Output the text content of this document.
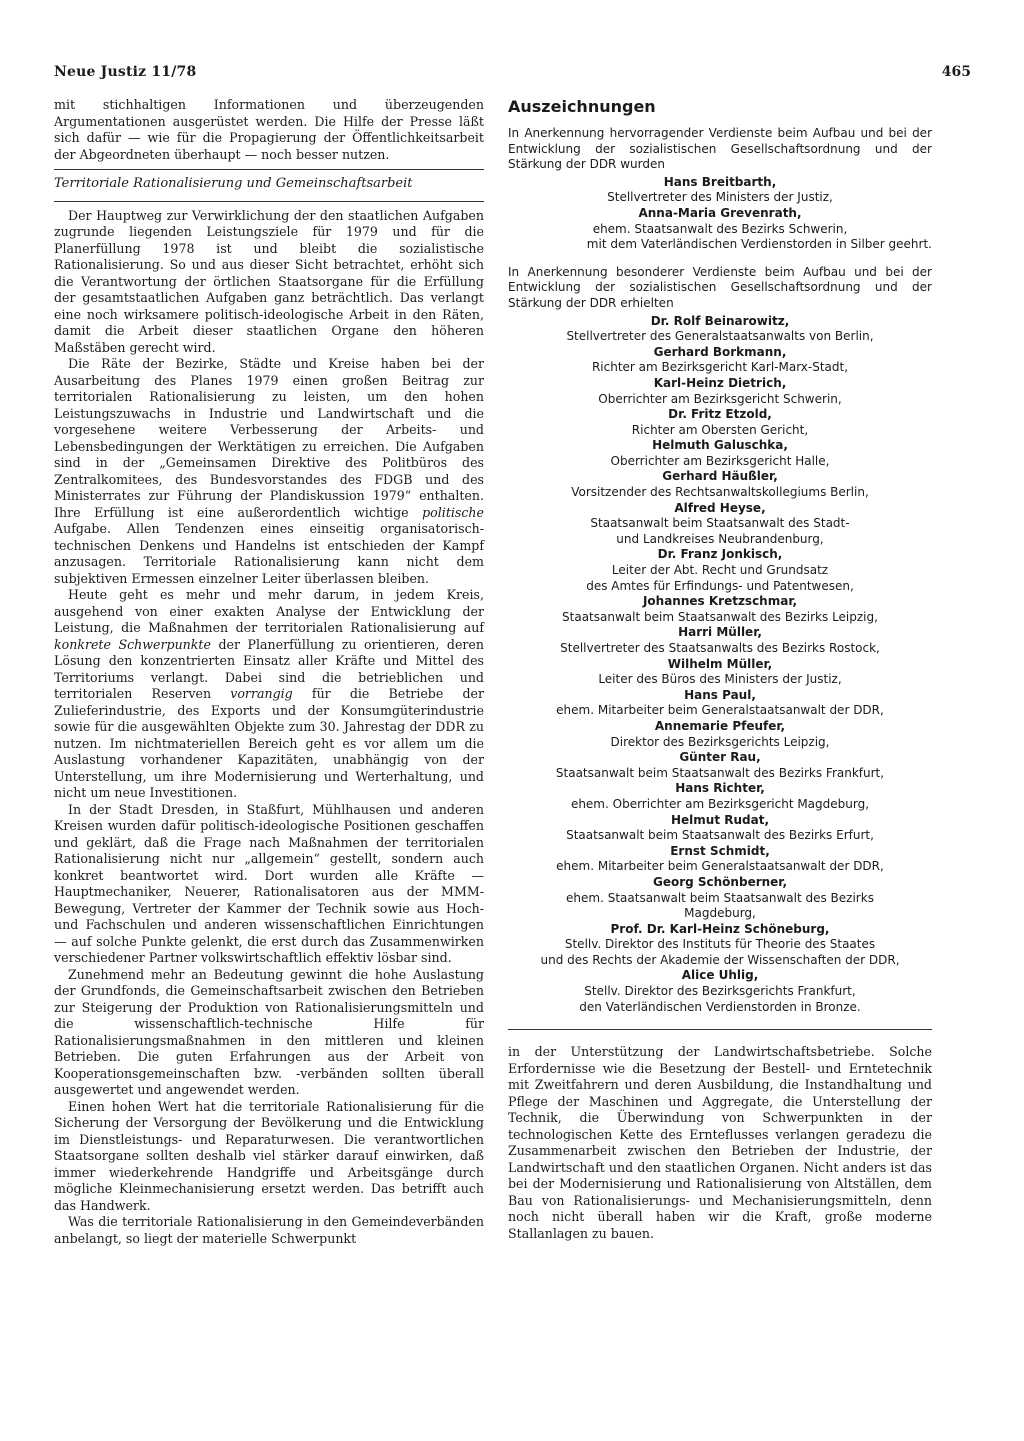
Neue Justiz 11/78	465

mit stichhaltigen Informationen und überzeugenden Argumentationen ausgerüstet werden. Die Hilfe der Presse läßt sich dafür — wie für die Propagierung der Öffentlichkeitsarbeit der Abgeordneten überhaupt — noch besser nutzen.

Territoriale Rationalisierung und Gemeinschaftsarbeit

Der Hauptweg zur Verwirklichung der den staatlichen Aufgaben zugrunde liegenden Leistungsziele für 1979 und für die Planerfüllung 1978 ist und bleibt die sozialistische Rationalisierung. So und aus dieser Sicht betrachtet, erhöht sich die Verantwortung der örtlichen Staatsorgane für die Erfüllung der gesamtstaatlichen Aufgaben ganz beträchtlich. Das verlangt eine noch wirksamere politisch-ideologische Arbeit in den Räten, damit die Arbeit dieser staatlichen Organe den höheren Maßstäben gerecht wird.

Die Räte der Bezirke, Städte und Kreise haben bei der Ausarbeitung des Planes 1979 einen großen Beitrag zur territorialen Rationalisierung zu leisten, um den hohen Leistungszuwachs in Industrie und Landwirtschaft und die vorgesehene weitere Verbesserung der Arbeits- und Lebensbedingungen der Werktätigen zu erreichen. Die Aufgaben sind in der „Gemeinsamen Direktive des Politbüros des Zentralkomitees, des Bundesvorstandes des FDGB und des Ministerrates zur Führung der Plandiskussion 1979“ enthalten. Ihre Erfüllung ist eine außerordentlich wichtige politische Aufgabe. Allen Tendenzen eines einseitig organisatorisch-technischen Denkens und Handelns ist entschieden der Kampf anzusagen. Territoriale Rationalisierung kann nicht dem subjektiven Ermessen einzelner Leiter überlassen bleiben.

Heute geht es mehr und mehr darum, in jedem Kreis, ausgehend von einer exakten Analyse der Entwicklung der Leistung, die Maßnahmen der territorialen Rationalisierung auf konkrete Schwerpunkte der Planerfüllung zu orientieren, deren Lösung den konzentrierten Einsatz aller Kräfte und Mittel des Territoriums verlangt. Dabei sind die betrieblichen und territorialen Reserven vorrangig für die Betriebe der Zulieferindustrie, des Exports und der Konsumgüterindustrie sowie für die ausgewählten Objekte zum 30. Jahrestag der DDR zu nutzen. Im nichtmateriellen Bereich geht es vor allem um die Auslastung vorhandener Kapazitäten, unabhängig von der Unterstellung, um ihre Modernisierung und Werterhaltung, und nicht um neue Investitionen.

In der Stadt Dresden, in Staßfurt, Mühlhausen und anderen Kreisen wurden dafür politisch-ideologische Positionen geschaffen und geklärt, daß die Frage nach Maßnahmen der territorialen Rationalisierung nicht nur „allgemein“ gestellt, sondern auch konkret beantwortet wird. Dort wurden alle Kräfte — Hauptmechaniker, Neuerer, Rationalisatoren aus der MMM-Bewegung, Vertreter der Kammer der Technik sowie aus Hoch- und Fachschulen und anderen wissenschaftlichen Einrichtungen — auf solche Punkte gelenkt, die erst durch das Zusammenwirken verschiedener Partner volkswirtschaftlich effektiv lösbar sind.

Zunehmend mehr an Bedeutung gewinnt die hohe Auslastung der Grundfonds, die Gemeinschaftsarbeit zwischen den Betrieben zur Steigerung der Produktion von Rationalisierungsmitteln und die wissenschaftlich-technische Hilfe für Rationalisierungsmaßnahmen in den mittleren und kleinen Betrieben. Die guten Erfahrungen aus der Arbeit von Kooperationsgemeinschaften bzw. -verbänden sollten überall ausgewertet und angewendet werden.

Einen hohen Wert hat die territoriale Rationalisierung für die Sicherung der Versorgung der Bevölkerung und die Entwicklung im Dienstleistungs- und Reparaturwesen. Die verantwortlichen Staatsorgane sollten deshalb viel stärker darauf einwirken, daß immer wiederkehrende Handgriffe und Arbeitsgänge durch mögliche Kleinmechanisierung ersetzt werden. Das betrifft auch das Handwerk.

Was die territoriale Rationalisierung in den Gemeindeverbänden anbelangt, so liegt der materielle Schwerpunkt

Auszeichnungen

In Anerkennung hervorragender Verdienste beim Aufbau und bei der Entwicklung der sozialistischen Gesellschaftsordnung und der Stärkung der DDR wurden

Hans Breitbarth,
Stellvertreter des Ministers der Justiz,
Anna-Maria Grevenrath,
ehem. Staatsanwalt des Bezirks Schwerin,

mit dem Vaterländischen Verdienstorden in Silber geehrt.

In Anerkennung besonderer Verdienste beim Aufbau und bei der Entwicklung der sozialistischen Gesellschaftsordnung und der Stärkung der DDR erhielten

Dr. Rolf Beinarowitz,
Stellvertreter des Generalstaatsanwalts von Berlin,
Gerhard Borkmann,
Richter am Bezirksgericht Karl-Marx-Stadt,
Karl-Heinz Dietrich,
Oberrichter am Bezirksgericht Schwerin,
Dr. Fritz Etzold,
Richter am Obersten Gericht,
Helmuth Galuschka,
Oberrichter am Bezirksgericht Halle,
Gerhard Häußler,
Vorsitzender des Rechtsanwaltskollegiums Berlin,
Alfred Heyse,
Staatsanwalt beim Staatsanwalt des Stadt-
und Landkreises Neubrandenburg,
Dr. Franz Jonkisch,
Leiter der Abt. Recht und Grundsatz
des Amtes für Erfindungs- und Patentwesen,
Johannes Kretzschmar,
Staatsanwalt beim Staatsanwalt des Bezirks Leipzig,
Harri Müller,
Stellvertreter des Staatsanwalts des Bezirks Rostock,
Wilhelm Müller,
Leiter des Büros des Ministers der Justiz,
Hans Paul,
ehem. Mitarbeiter beim Generalstaatsanwalt der DDR,
Annemarie Pfeufer,
Direktor des Bezirksgerichts Leipzig,
Günter Rau,
Staatsanwalt beim Staatsanwalt des Bezirks Frankfurt,
Hans Richter,
ehem. Oberrichter am Bezirksgericht Magdeburg,
Helmut Rudat,
Staatsanwalt beim Staatsanwalt des Bezirks Erfurt,
Ernst Schmidt,
ehem. Mitarbeiter beim Generalstaatsanwalt der DDR,
Georg Schönberner,
ehem. Staatsanwalt beim Staatsanwalt des Bezirks
Magdeburg,
Prof. Dr. Karl-Heinz Schöneburg,
Stellv. Direktor des Instituts für Theorie des Staates
und des Rechts der Akademie der Wissenschaften der DDR,
Alice Uhlig,
Stellv. Direktor des Bezirksgerichts Frankfurt,

den Vaterländischen Verdienstorden in Bronze.

in der Unterstützung der Landwirtschaftsbetriebe. Solche Erfordernisse wie die Besetzung der Bestell- und Erntetechnik mit Zweitfahrern und deren Ausbildung, die Instandhaltung und Pflege der Maschinen und Aggregate, die Unterstellung der Technik, die Überwindung von Schwerpunkten in der technologischen Kette des Ernteflusses verlangen geradezu die Zusammenarbeit zwischen den Betrieben der Industrie, der Landwirtschaft und den staatlichen Organen. Nicht anders ist das bei der Modernisierung und Rationalisierung von Altställen, dem Bau von Rationalisierungs- und Mechanisierungsmitteln, denn noch nicht überall haben wir die Kraft, große moderne Stallanlagen zu bauen.
